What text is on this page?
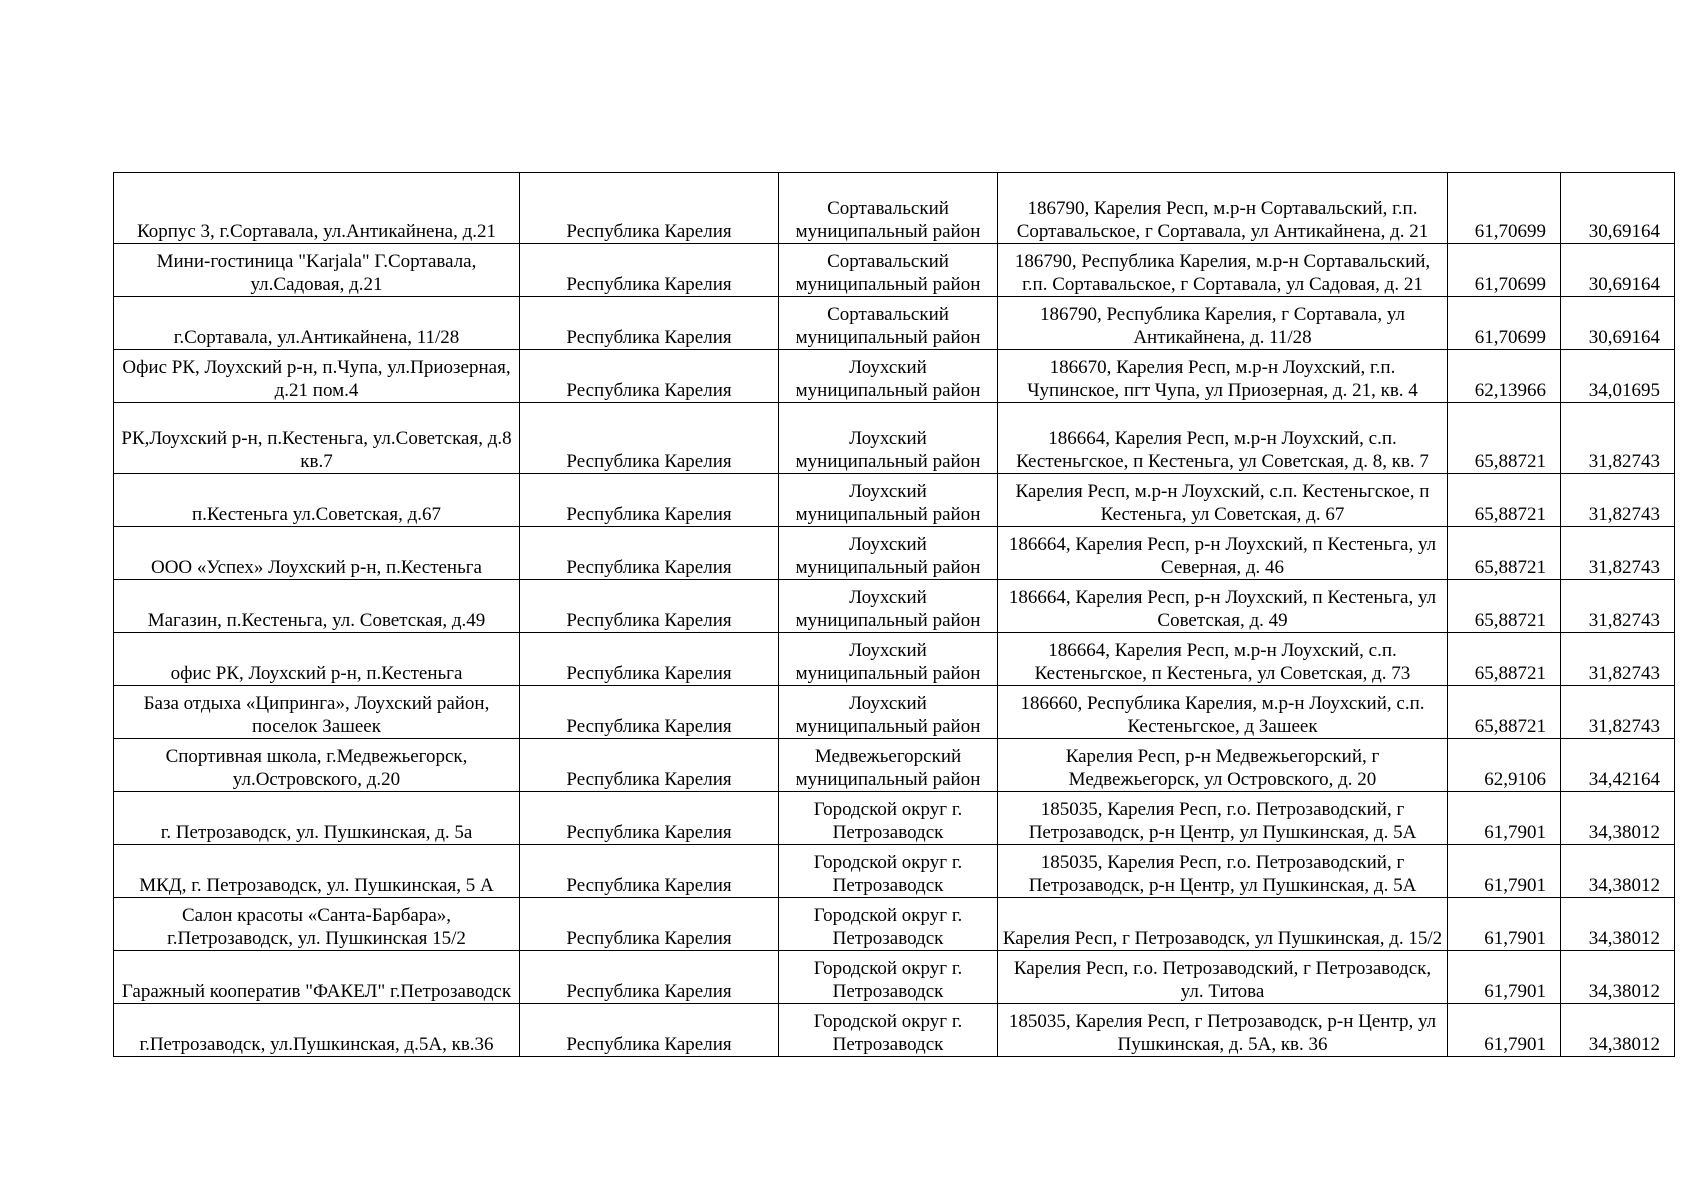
Корпус 3, г.Сортавала, ул.Антикайнена, д.21	Республика Карелия	Сортавальский муниципальный район	186790, Карелия Респ, м.р-н Сортавальский, г.п. Сортавальское, г Сортавала, ул Антикайнена, д. 21	61,70699	30,69164
Мини-гостиница "Karjala" Г.Сортавала, ул.Садовая, д.21	Республика Карелия	Сортавальский муниципальный район	186790, Республика Карелия, м.р-н Сортавальский, г.п. Сортавальское, г Сортавала, ул Садовая, д. 21	61,70699	30,69164
г.Сортавала, ул.Антикайнена, 11/28	Республика Карелия	Сортавальский муниципальный район	186790, Республика Карелия, г Сортавала, ул Антикайнена, д. 11/28	61,70699	30,69164
Офис РК, Лоухский р-н, п.Чупа, ул.Приозерная, д.21 пом.4	Республика Карелия	Лоухский муниципальный район	186670, Карелия Респ, м.р-н Лоухский, г.п. Чупинское, пгт Чупа, ул Приозерная, д. 21, кв. 4	62,13966	34,01695
РК,Лоухский р-н, п.Кестеньга, ул.Советская, д.8 кв.7	Республика Карелия	Лоухский муниципальный район	186664, Карелия Респ, м.р-н Лоухский, с.п. Кестеньгское, п Кестеньга, ул Советская, д. 8, кв. 7	65,88721	31,82743
п.Кестеньга ул.Советская, д.67	Республика Карелия	Лоухский муниципальный район	Карелия Респ, м.р-н Лоухский, с.п. Кестеньгское, п Кестеньга, ул Советская, д. 67	65,88721	31,82743
ООО «Успех» Лоухский р-н, п.Кестеньга	Республика Карелия	Лоухский муниципальный район	186664, Карелия Респ, р-н Лоухский, п Кестеньга, ул Северная, д. 46	65,88721	31,82743
Магазин, п.Кестеньга, ул. Советская, д.49	Республика Карелия	Лоухский муниципальный район	186664, Карелия Респ, р-н Лоухский, п Кестеньга, ул Советская, д. 49	65,88721	31,82743
офис РК, Лоухский р-н, п.Кестеньга	Республика Карелия	Лоухский муниципальный район	186664, Карелия Респ, м.р-н Лоухский, с.п. Кестеньгское, п Кестеньга, ул Советская, д. 73	65,88721	31,82743
База отдыха «Ципринга», Лоухский район, поселок Зашеек	Республика Карелия	Лоухский муниципальный район	186660, Республика Карелия, м.р-н Лоухский, с.п. Кестеньгское, д Зашеек	65,88721	31,82743
Спортивная школа, г.Медвежьегорск, ул.Островского, д.20	Республика Карелия	Медвежьегорский муниципальный район	Карелия Респ, р-н Медвежьегорский, г Медвежьегорск, ул Островского, д. 20	62,9106	34,42164
г. Петрозаводск, ул. Пушкинская, д. 5а	Республика Карелия	Городской округ г. Петрозаводск	185035, Карелия Респ, г.о. Петрозаводский, г Петрозаводск, р-н Центр, ул Пушкинская, д. 5А	61,7901	34,38012
МКД, г. Петрозаводск, ул. Пушкинская, 5 А	Республика Карелия	Городской округ г. Петрозаводск	185035, Карелия Респ, г.о. Петрозаводский, г Петрозаводск, р-н Центр, ул Пушкинская, д. 5А	61,7901	34,38012
Салон красоты «Санта-Барбара», г.Петрозаводск, ул. Пушкинская 15/2	Республика Карелия	Городской округ г. Петрозаводск	Карелия Респ, г Петрозаводск, ул Пушкинская, д. 15/2	61,7901	34,38012
Гаражный кооператив "ФАКЕЛ" г.Петрозаводск	Республика Карелия	Городской округ г. Петрозаводск	Карелия Респ, г.о. Петрозаводский, г Петрозаводск, ул. Титова	61,7901	34,38012
г.Петрозаводск, ул.Пушкинская, д.5А, кв.36	Республика Карелия	Городской округ г. Петрозаводск	185035, Карелия Респ, г Петрозаводск, р-н Центр, ул Пушкинская, д. 5А, кв. 36	61,7901	34,38012
